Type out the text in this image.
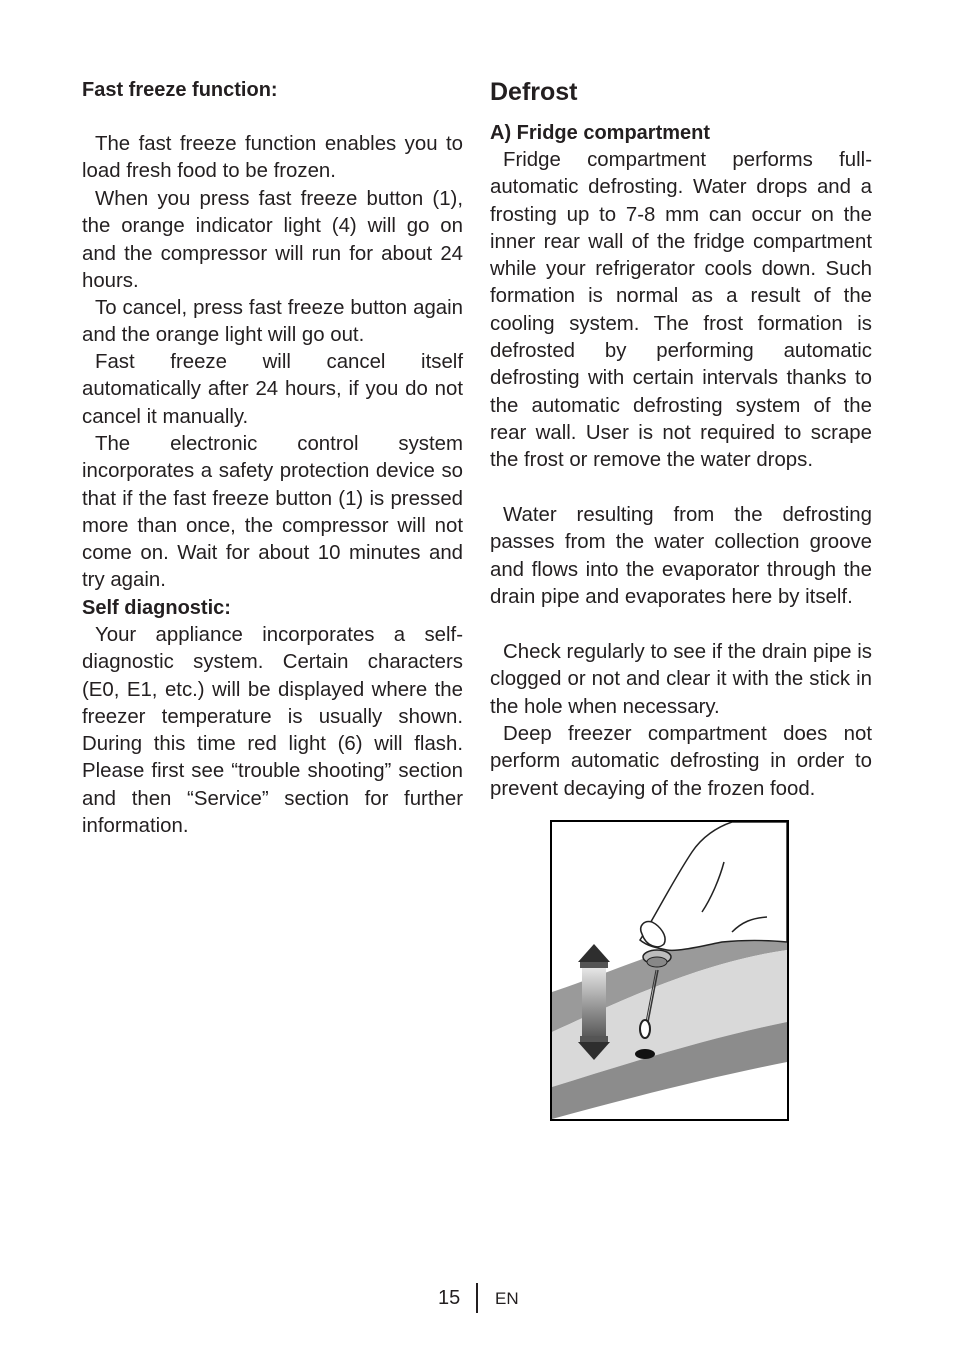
Fast freeze function:

The fast freeze function enables you to load fresh food to be frozen.

When you press fast freeze button (1), the orange indicator light (4) will go on and the compressor will run for about 24 hours.

To cancel, press fast freeze button again and the orange light will go out.

Fast freeze will cancel itself automatically after 24 hours, if you do not cancel it manually.

The electronic control system incorporates a safety protection device so that if the fast freeze button (1) is pressed more than once, the compressor will not come on. Wait for about 10 minutes and try again.

Self diagnostic:

Your appliance incorporates a self-diagnostic system. Certain characters (E0, E1, etc.) will be displayed where the freezer temperature is usually shown. During this time red light (6) will flash. Please first see “trouble shooting” section and then “Service” section for further information.

Defrost

A) Fridge compartment

Fridge compartment performs full-automatic defrosting. Water drops and a frosting up to 7-8 mm can occur on the inner rear wall of the fridge compartment while your refrigerator cools down. Such formation is normal as a result of the cooling system. The frost formation is defrosted by performing automatic defrosting with certain intervals thanks to the automatic defrosting system of the rear wall. User is not required to scrape the frost or remove the water drops.

Water resulting from the defrosting passes from the water collection groove and flows into the evaporator through the drain pipe and evaporates here by itself.

Check regularly to see if the drain pipe is clogged or not and clear it with the stick in the hole when necessary.

Deep freezer compartment does not perform automatic defrosting in order to prevent decaying of the frozen food.

15 EN
